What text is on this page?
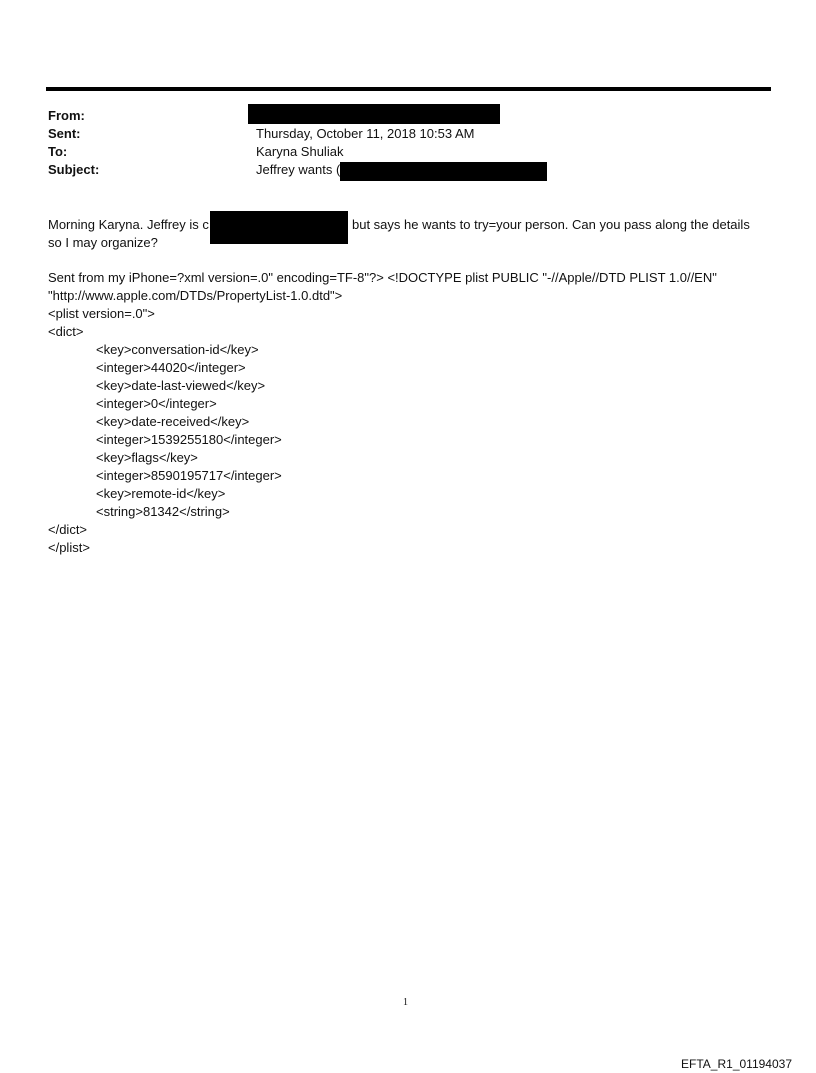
From:
Sent:	Thursday, October 11, 2018 10:53 AM
To:	Karyna Shuliak
Subject:	Jeffrey wants (
Morning Karyna. Jeffrey is c	but says he wants to try=your person. Can you pass along the details
so I may organize?
Sent from my iPhone=?xml version=.0" encoding=TF-8"?> <!DOCTYPE plist PUBLIC "-//Apple//DTD PLIST 1.0//EN"
"http://www.apple.com/DTDs/PropertyList-1.0.dtd">
<plist version=.0">
<dict>
<key>conversation-id</key>
<integer>44020</integer>
<key>date-last-viewed</key>
<integer>0</integer>
<key>date-received</key>
<integer>1539255180</integer>
<key>flags</key>
<integer>8590195717</integer>
<key>remote-id</key>
<string>81342</string>
</dict>
</plist>
1
EFTA_R1_01194037
